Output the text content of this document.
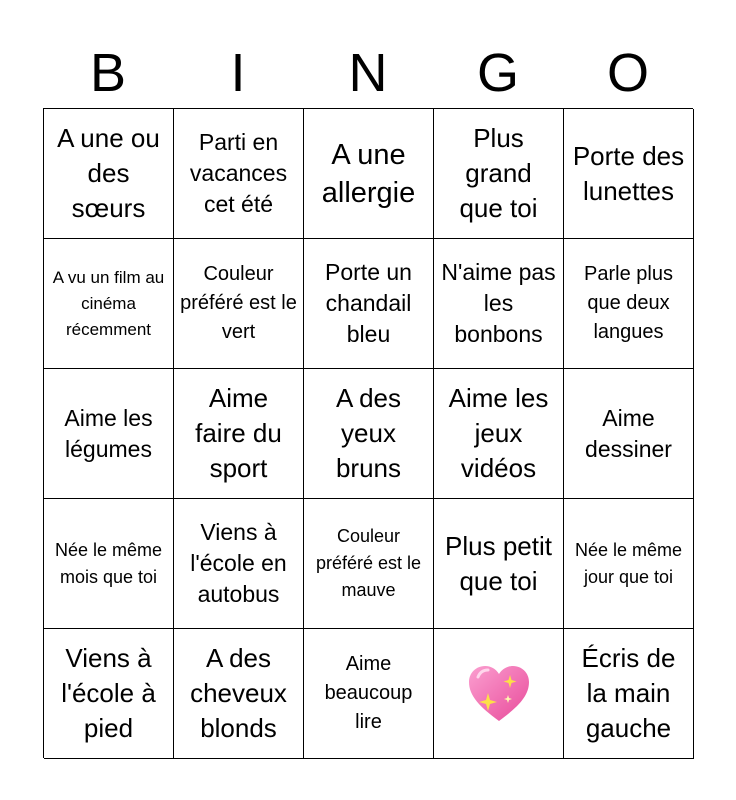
B	I	N	G	O
A une ou des sœurs
Parti en vacances cet été
A une allergie
Plus grand que toi
Porte des lunettes
A vu un film au cinéma récemment
Couleur préféré est le vert
Porte un chandail bleu
N'aime pas les bonbons
Parle plus que deux langues
Aime les légumes
Aime faire du sport
A des yeux bruns
Aime les jeux vidéos
Aime dessiner
Née le même mois que toi
Viens à l'école en autobus
Couleur préféré est le mauve
Plus petit que toi
Née le même jour que toi
Viens à l'école à pied
A des cheveux blonds
Aime beaucoup lire
Écris de la main gauche
